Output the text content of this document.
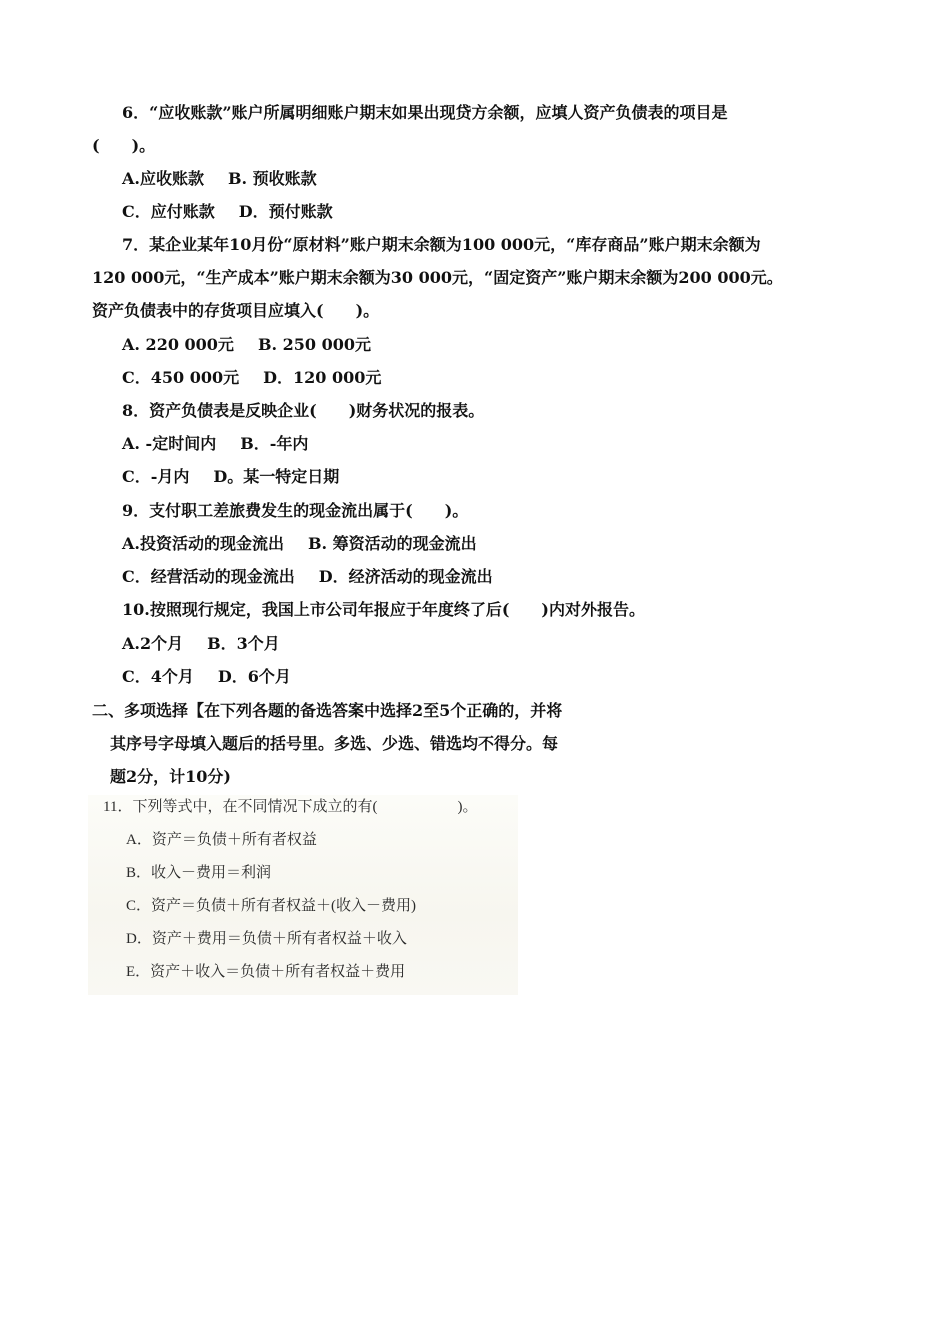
6．“应收账款”账户所属明细账户期末如果出现贷方余额，应填人资产负债表的项目是
(　　)。
A.应收账款 B. 预收账款
C．应付账款 D．预付账款
7．某企业某年10月份“原材料”账户期末余额为100 000元，“库存商品”账户期末余额为
120 000元，“生产成本”账户期末余额为30 000元，“固定资产”账户期末余额为200 000元。
资产负债表中的存货项目应填入(　　)。
A. 220 000元 B. 250 000元
C．450 000元 D．120 000元
8．资产负债表是反映企业(　　)财务状况的报表。
A. -定时间内 B．-年内
C．-月内 D。某一特定日期
9．支付职工差旅费发生的现金流出属于(　　)。
A.投资活动的现金流出 B. 筹资活动的现金流出
C．经营活动的现金流出 D．经济活动的现金流出
10.按照现行规定，我国上市公司年报应于年度终了后(　　)内对外报告。
A.2个月 B．3个月
C．4个月 D．6个月
二、多项选择【在下列各题的备选答案中选择2至5个正确的，并将
其序号字母填入题后的括号里。多选、少选、错选均不得分。每
题2分，计10分)
11．下列等式中，在不同情况下成立的有(	)。
A．资产＝负债＋所有者权益
B．收入－费用＝利润
C．资产＝负债＋所有者权益＋(收入－费用)
D．资产＋费用＝负债＋所有者权益＋收入
E．资产＋收入＝负债＋所有者权益＋费用
